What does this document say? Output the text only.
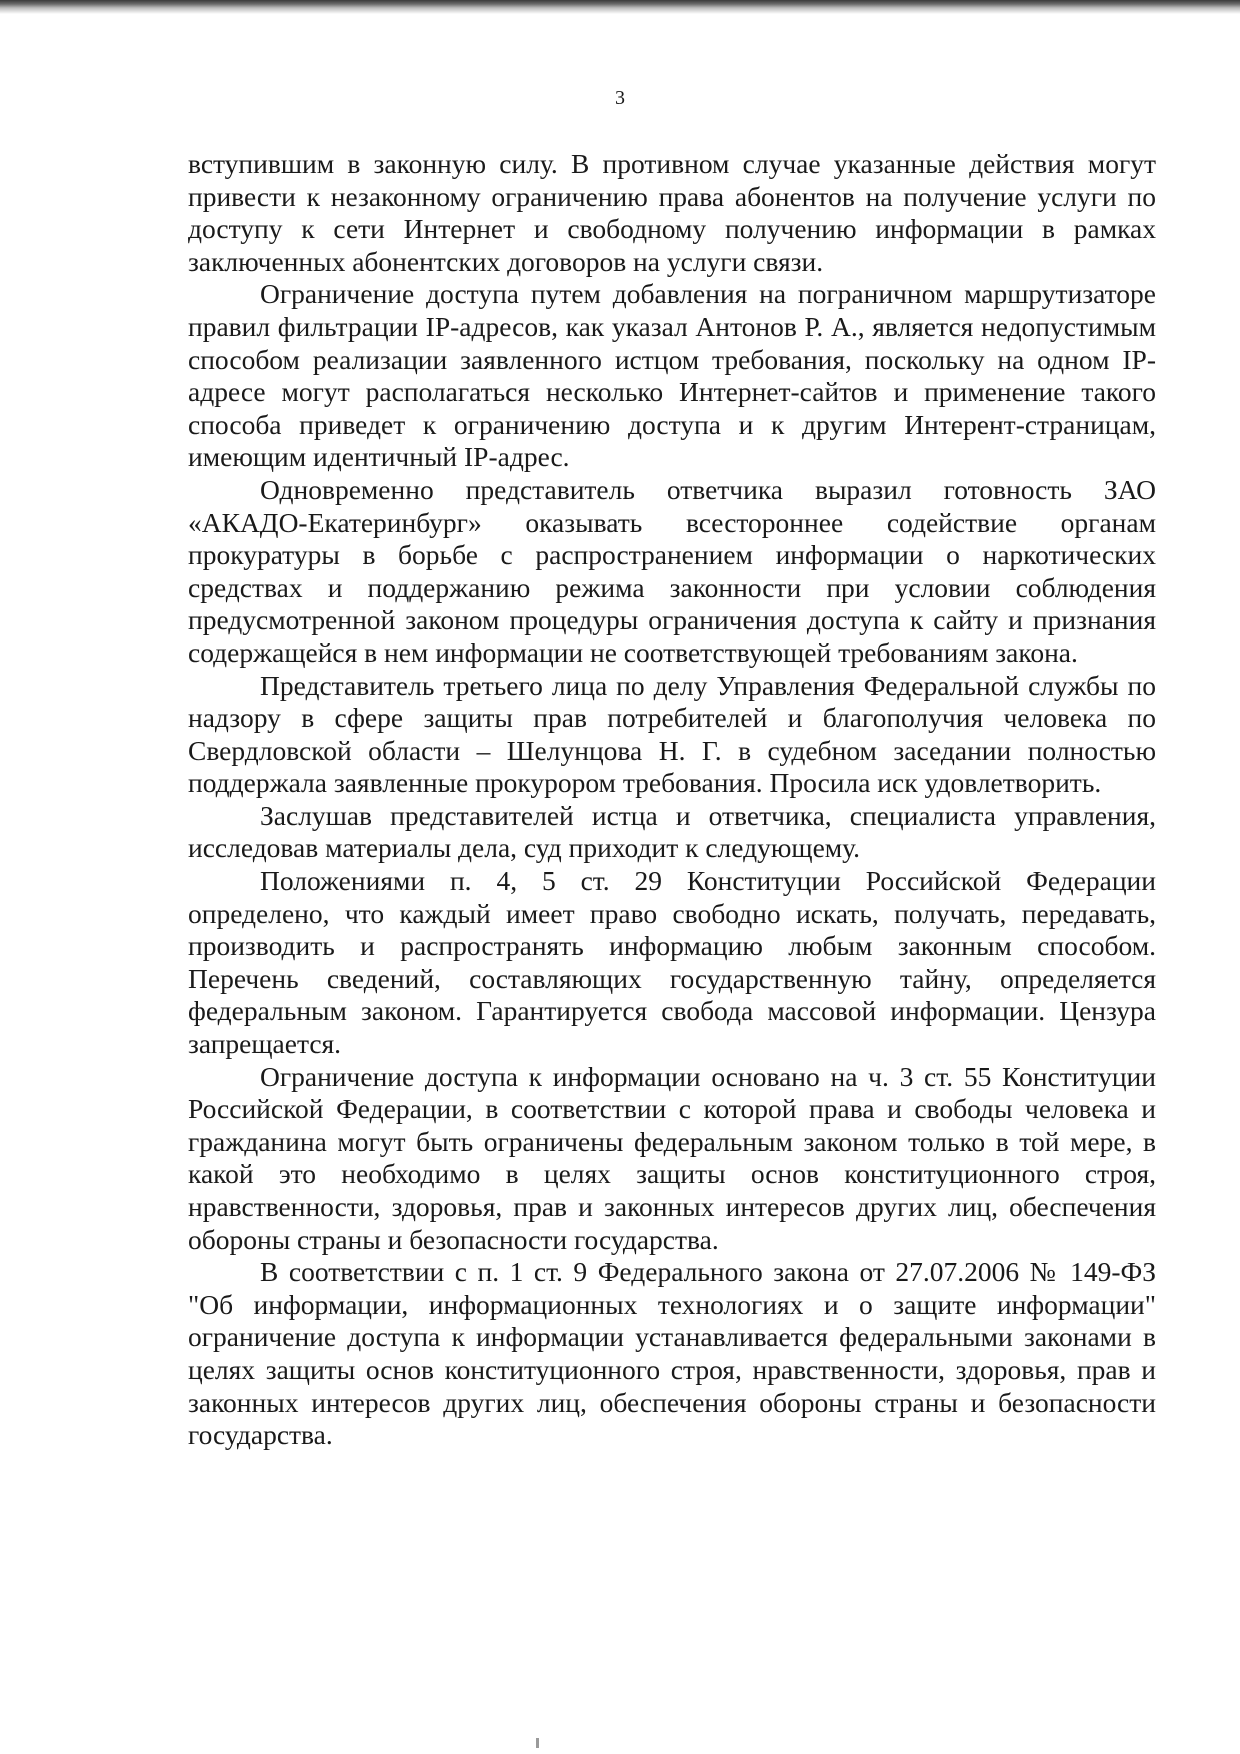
3

вступившим в законную силу. В противном случае указанные действия могут привести к незаконному ограничению права абонентов на получение услуги по доступу к сети Интернет и свободному получению информации в рамках заключенных абонентских договоров на услуги связи.

Ограничение доступа путем добавления на пограничном маршрутизаторе правил фильтрации IP-адресов, как указал Антонов Р. А., является недопустимым способом реализации заявленного истцом требования, поскольку на одном IP-адресе могут располагаться несколько Интернет-сайтов и применение такого способа приведет к ограничению доступа и к другим Интерент-страницам, имеющим идентичный IP-адрес.

Одновременно представитель ответчика выразил готовность ЗАО «АКАДО-Екатеринбург» оказывать всестороннее содействие органам прокуратуры в борьбе с распространением информации о наркотических средствах и поддержанию режима законности при условии соблюдения предусмотренной законом процедуры ограничения доступа к сайту и признания содержащейся в нем информации не соответствующей требованиям закона.

Представитель третьего лица по делу Управления Федеральной службы по надзору в сфере защиты прав потребителей и благополучия человека по Свердловской области – Шелунцова Н. Г. в судебном заседании полностью поддержала заявленные прокурором требования. Просила иск удовлетворить.

Заслушав представителей истца и ответчика, специалиста управления, исследовав материалы дела, суд приходит к следующему.

Положениями п. 4, 5 ст. 29 Конституции Российской Федерации определено, что каждый имеет право свободно искать, получать, передавать, производить и распространять информацию любым законным способом. Перечень сведений, составляющих государственную тайну, определяется федеральным законом. Гарантируется свобода массовой информации. Цензура запрещается.

Ограничение доступа к информации основано на ч. 3 ст. 55 Конституции Российской Федерации, в соответствии с которой права и свободы человека и гражданина могут быть ограничены федеральным законом только в той мере, в какой это необходимо в целях защиты основ конституционного строя, нравственности, здоровья, прав и законных интересов других лиц, обеспечения обороны страны и безопасности государства.

В соответствии с п. 1 ст. 9 Федерального закона от 27.07.2006 № 149-ФЗ "Об информации, информационных технологиях и о защите информации" ограничение доступа к информации устанавливается федеральными законами в целях защиты основ конституционного строя, нравственности, здоровья, прав и законных интересов других лиц, обеспечения обороны страны и безопасности государства.
